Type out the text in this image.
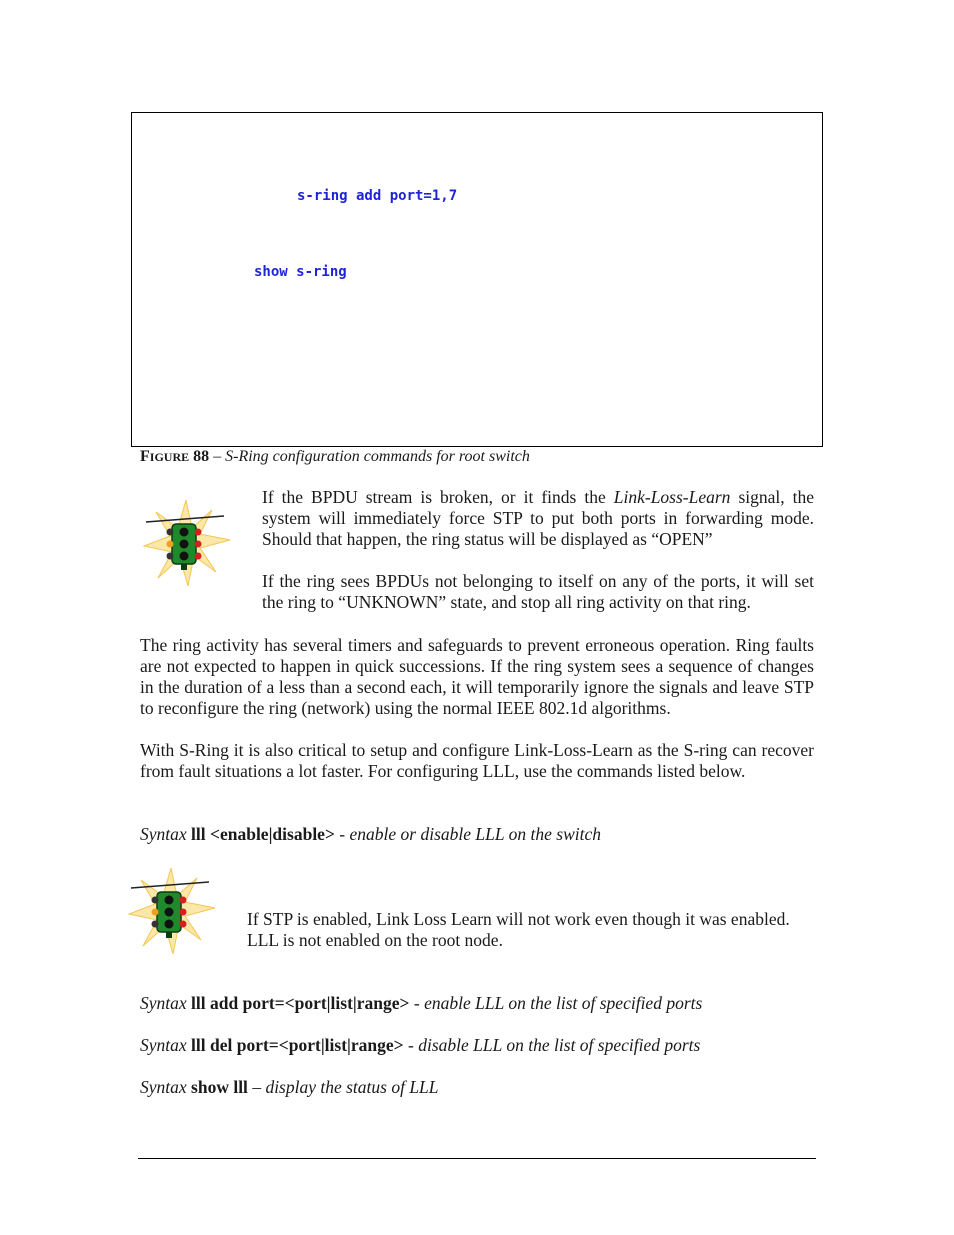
s-ring add port=1,7
show s-ring
FIGURE 88 – S-Ring configuration commands for root switch
If the BPDU stream is broken, or it finds the Link-Loss-Learn signal, the system will immediately force STP to put both ports in forwarding mode. Should that happen, the ring status will be displayed as “OPEN”
If the ring sees BPDUs not belonging to itself on any of the ports, it will set the ring to “UNKNOWN” state, and stop all ring activity on that ring.
The ring activity has several timers and safeguards to prevent erroneous operation. Ring faults are not expected to happen in quick successions. If the ring system sees a sequence of changes in the duration of a less than a second each, it will temporarily ignore the signals and leave STP to reconfigure the ring (network) using the normal IEEE 802.1d algorithms.
With S-Ring it is also critical to setup and configure Link-Loss-Learn as the S-ring can recover from fault situations a lot faster. For configuring LLL, use the commands listed below.
Syntax lll <enable|disable> - enable or disable LLL on the switch
If STP is enabled, Link Loss Learn will not work even though it was enabled. LLL is not enabled on the root node.
Syntax lll add port=<port|list|range> - enable LLL on the list of specified ports
Syntax lll del port=<port|list|range> - disable LLL on the list of specified ports
Syntax show lll – display the status of LLL
